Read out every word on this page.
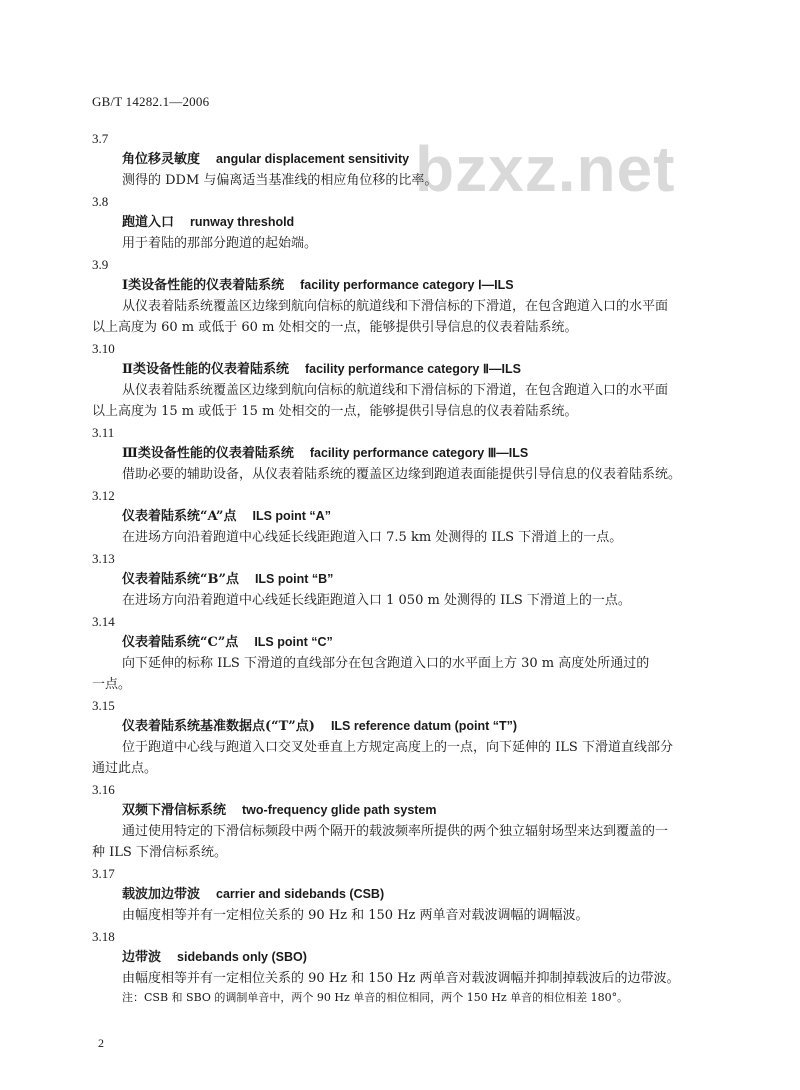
GB/T 14282.1—2006
bzxz.net
3.7
角位移灵敏度 angular displacement sensitivity
测得的 DDM 与偏离适当基准线的相应角位移的比率。
3.8
跑道入口 runway threshold
用于着陆的那部分跑道的起始端。
3.9
Ⅰ类设备性能的仪表着陆系统 facility performance category Ⅰ—ILS
从仪表着陆系统覆盖区边缘到航向信标的航道线和下滑信标的下滑道，在包含跑道入口的水平面
以上高度为 60 m 或低于 60 m 处相交的一点，能够提供引导信息的仪表着陆系统。
3.10
Ⅱ类设备性能的仪表着陆系统 facility performance category Ⅱ—ILS
从仪表着陆系统覆盖区边缘到航向信标的航道线和下滑信标的下滑道，在包含跑道入口的水平面
以上高度为 15 m 或低于 15 m 处相交的一点，能够提供引导信息的仪表着陆系统。
3.11
Ⅲ类设备性能的仪表着陆系统 facility performance category Ⅲ—ILS
借助必要的辅助设备，从仪表着陆系统的覆盖区边缘到跑道表面能提供引导信息的仪表着陆系统。
3.12
仪表着陆系统“A”点 ILS point “A”
在进场方向沿着跑道中心线延长线距跑道入口 7.5 km 处测得的 ILS 下滑道上的一点。
3.13
仪表着陆系统“B”点 ILS point “B”
在进场方向沿着跑道中心线延长线距跑道入口 1 050 m 处测得的 ILS 下滑道上的一点。
3.14
仪表着陆系统“C”点 ILS point “C”
向下延伸的标称 ILS 下滑道的直线部分在包含跑道入口的水平面上方 30 m 高度处所通过的
一点。
3.15
仪表着陆系统基准数据点(“T”点) ILS reference datum (point “T”)
位于跑道中心线与跑道入口交叉处垂直上方规定高度上的一点，向下延伸的 ILS 下滑道直线部分
通过此点。
3.16
双频下滑信标系统 two-frequency glide path system
通过使用特定的下滑信标频段中两个隔开的载波频率所提供的两个独立辐射场型来达到覆盖的一
种 ILS 下滑信标系统。
3.17
载波加边带波 carrier and sidebands (CSB)
由幅度相等并有一定相位关系的 90 Hz 和 150 Hz 两单音对载波调幅的调幅波。
3.18
边带波 sidebands only (SBO)
由幅度相等并有一定相位关系的 90 Hz 和 150 Hz 两单音对载波调幅并抑制掉载波后的边带波。
注：CSB 和 SBO 的调制单音中，两个 90 Hz 单音的相位相同，两个 150 Hz 单音的相位相差 180°。
2
